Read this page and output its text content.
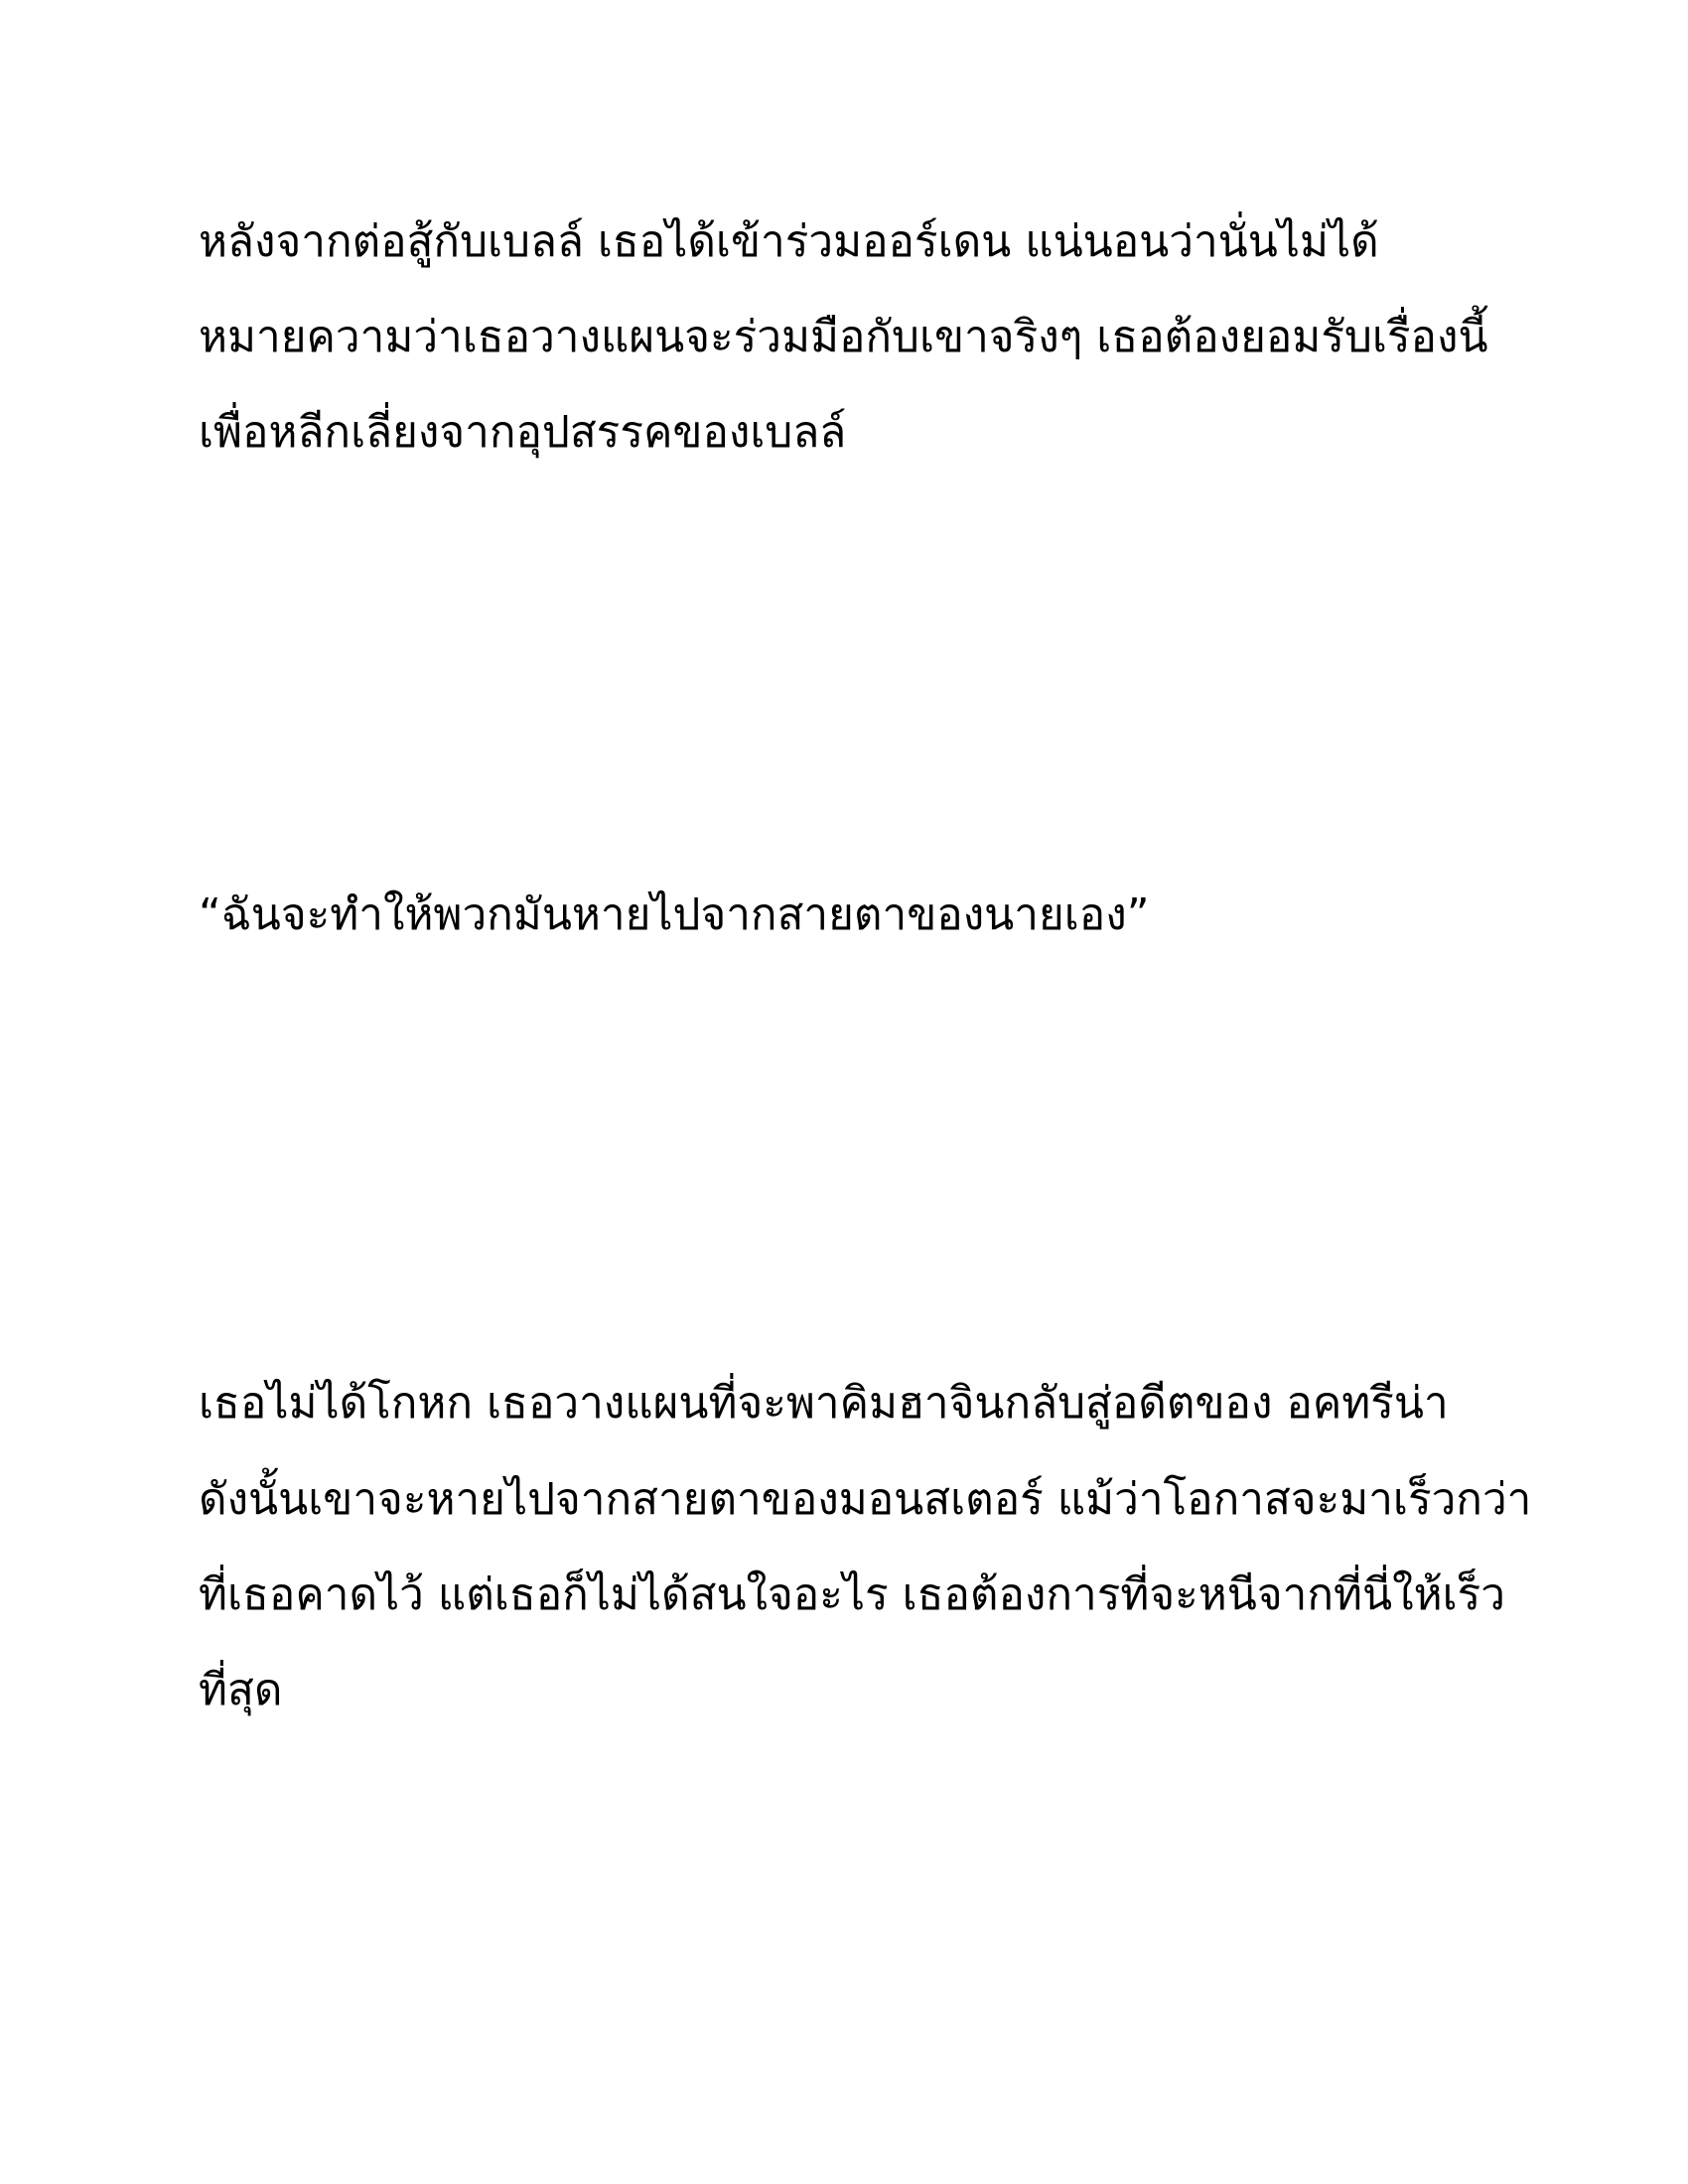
หลังจากต่อสู้กับเบลล์ เธอได้เข้าร่วมออร์เดน แน่นอนว่านั่นไม่ได้

หมายความว่าเธอวางแผนจะร่วมมือกับเขาจริงๆ เธอต้องยอมรับเรื่องนี้

เพื่อหลีกเลี่ยงจากอุปสรรคของเบลล์

“ฉันจะทำให้พวกมันหายไปจากสายตาของนายเอง”

เธอไม่ได้โกหก เธอวางแผนที่จะพาคิมฮาจินกลับสู่อดีตของ อคทรีน่า

ดังนั้นเขาจะหายไปจากสายตาของมอนสเตอร์ แม้ว่าโอกาสจะมาเร็วกว่า

ที่เธอคาดไว้ แต่เธอก็ไม่ได้สนใจอะไร เธอต้องการที่จะหนีจากที่นี่ให้เร็ว

ที่สุด
